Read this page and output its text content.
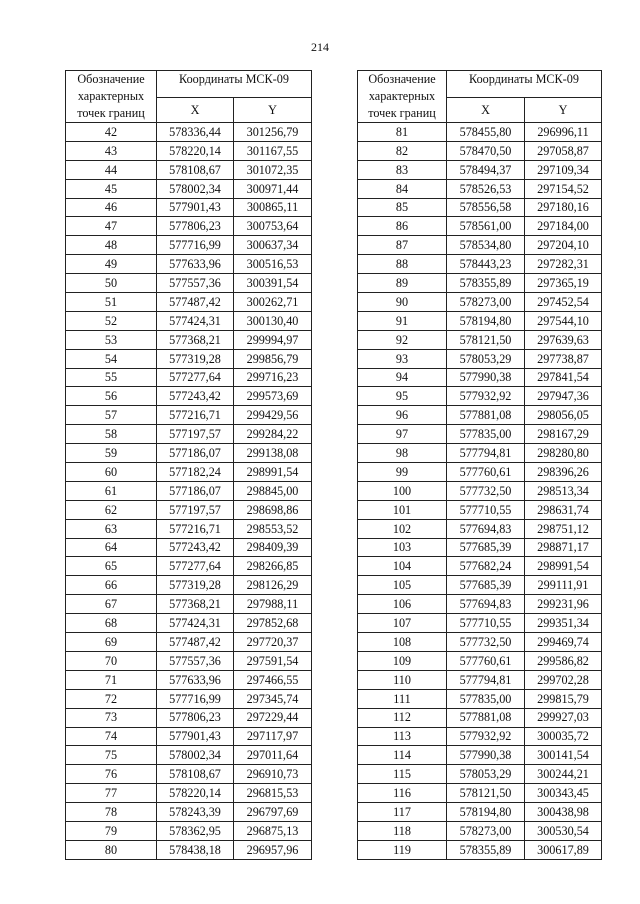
214
Обозначение характерных точек границ	Координаты МСК-09	
	X	Y
42	578336,44	301256,79
43	578220,14	301167,55
44	578108,67	301072,35
45	578002,34	300971,44
46	577901,43	300865,11
47	577806,23	300753,64
48	577716,99	300637,34
49	577633,96	300516,53
50	577557,36	300391,54
51	577487,42	300262,71
52	577424,31	300130,40
53	577368,21	299994,97
54	577319,28	299856,79
55	577277,64	299716,23
56	577243,42	299573,69
57	577216,71	299429,56
58	577197,57	299284,22
59	577186,07	299138,08
60	577182,24	298991,54
61	577186,07	298845,00
62	577197,57	298698,86
63	577216,71	298553,52
64	577243,42	298409,39
65	577277,64	298266,85
66	577319,28	298126,29
67	577368,21	297988,11
68	577424,31	297852,68
69	577487,42	297720,37
70	577557,36	297591,54
71	577633,96	297466,55
72	577716,99	297345,74
73	577806,23	297229,44
74	577901,43	297117,97
75	578002,34	297011,64
76	578108,67	296910,73
77	578220,14	296815,53
78	578243,39	296797,69
79	578362,95	296875,13
80	578438,18	296957,96
Обозначение характерных точек границ	Координаты МСК-09	
	X	Y
81	578455,80	296996,11
82	578470,50	297058,87
83	578494,37	297109,34
84	578526,53	297154,52
85	578556,58	297180,16
86	578561,00	297184,00
87	578534,80	297204,10
88	578443,23	297282,31
89	578355,89	297365,19
90	578273,00	297452,54
91	578194,80	297544,10
92	578121,50	297639,63
93	578053,29	297738,87
94	577990,38	297841,54
95	577932,92	297947,36
96	577881,08	298056,05
97	577835,00	298167,29
98	577794,81	298280,80
99	577760,61	298396,26
100	577732,50	298513,34
101	577710,55	298631,74
102	577694,83	298751,12
103	577685,39	298871,17
104	577682,24	298991,54
105	577685,39	299111,91
106	577694,83	299231,96
107	577710,55	299351,34
108	577732,50	299469,74
109	577760,61	299586,82
110	577794,81	299702,28
111	577835,00	299815,79
112	577881,08	299927,03
113	577932,92	300035,72
114	577990,38	300141,54
115	578053,29	300244,21
116	578121,50	300343,45
117	578194,80	300438,98
118	578273,00	300530,54
119	578355,89	300617,89
